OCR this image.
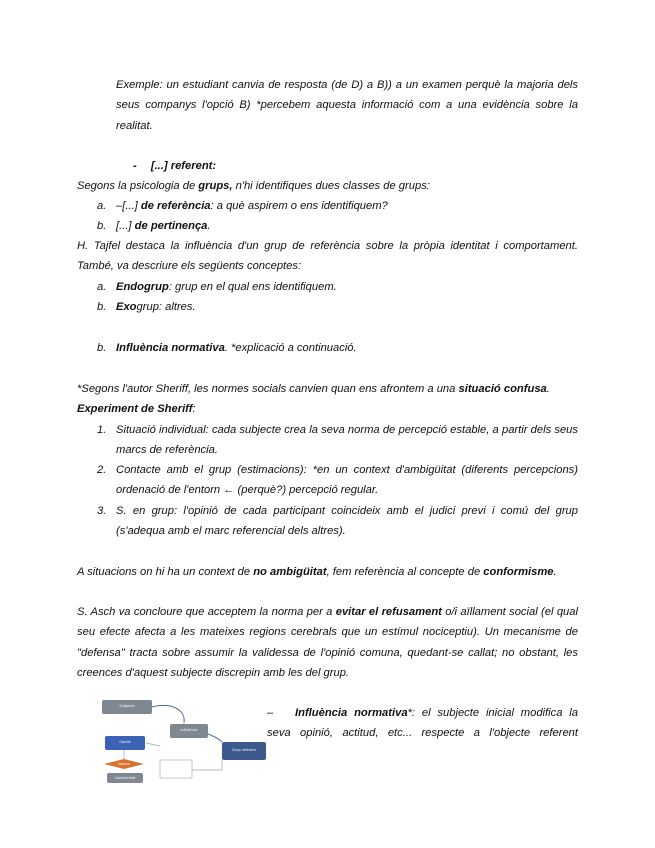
Exemple: un estudiant canvia de resposta (de D) a B)) a un examen perquè la majoria dels seus companys l'opció B) *percebem aquesta informació com a una evidència sobre la realitat.

- [...] referent:

Segons la psicologia de grups, n'hi identifiques dues classes de grups:

a. –[...] de referència: a què aspirem o ens identifiquem?

b. [...] de pertinença.

H. Tajfel destaca la influència d'un grup de referència sobre la pròpia identitat i comportament.

També, va descriure els següents conceptes:

a. Endogrup: grup en el qual ens identifiquem.

b. Exogrup: altres.

b. Influència normativa. *explicació a continuació.

*Segons l'autor Sheriff, les normes socials canvien quan ens afrontem a una situació confusa.

Experiment de Sheriff:

1. Situació individual: cada subjecte crea la seva norma de percepció estable, a partir dels seus marcs de referència.

2. Contacte amb el grup (estimacions): *en un context d'ambigüitat (diferents percepcions) ordenació de l'entorn ← (perquè?) percepció regular.

3. S. en grup: l'opinió de cada participant coincideix amb el judici previ i comú del grup (s'adequa amb el marc referencial dels altres).

A situacions on hi ha un context de no ambigüitat, fem referència al concepte de conformisme.

S. Asch va concloure que acceptem la norma per a evitar el refusament o/i aïllament social (el qual seu efecte afecta a les mateixes regions cerebrals que un estímul nociceptiu). Un mecanisme de "defensa" tracta sobre assumir la validessa de l'opinió comuna, quedant-se callat; no obstant, les creences d'aquest subjecte discrepin amb les del grup.

Subjecte
Influència
Grup referent
Opinió
Norma
Conformitat
– Influència normativa*: el subjecte inicial modifica la seva opinió, actitud, etc... respecte a l'objecte referent
